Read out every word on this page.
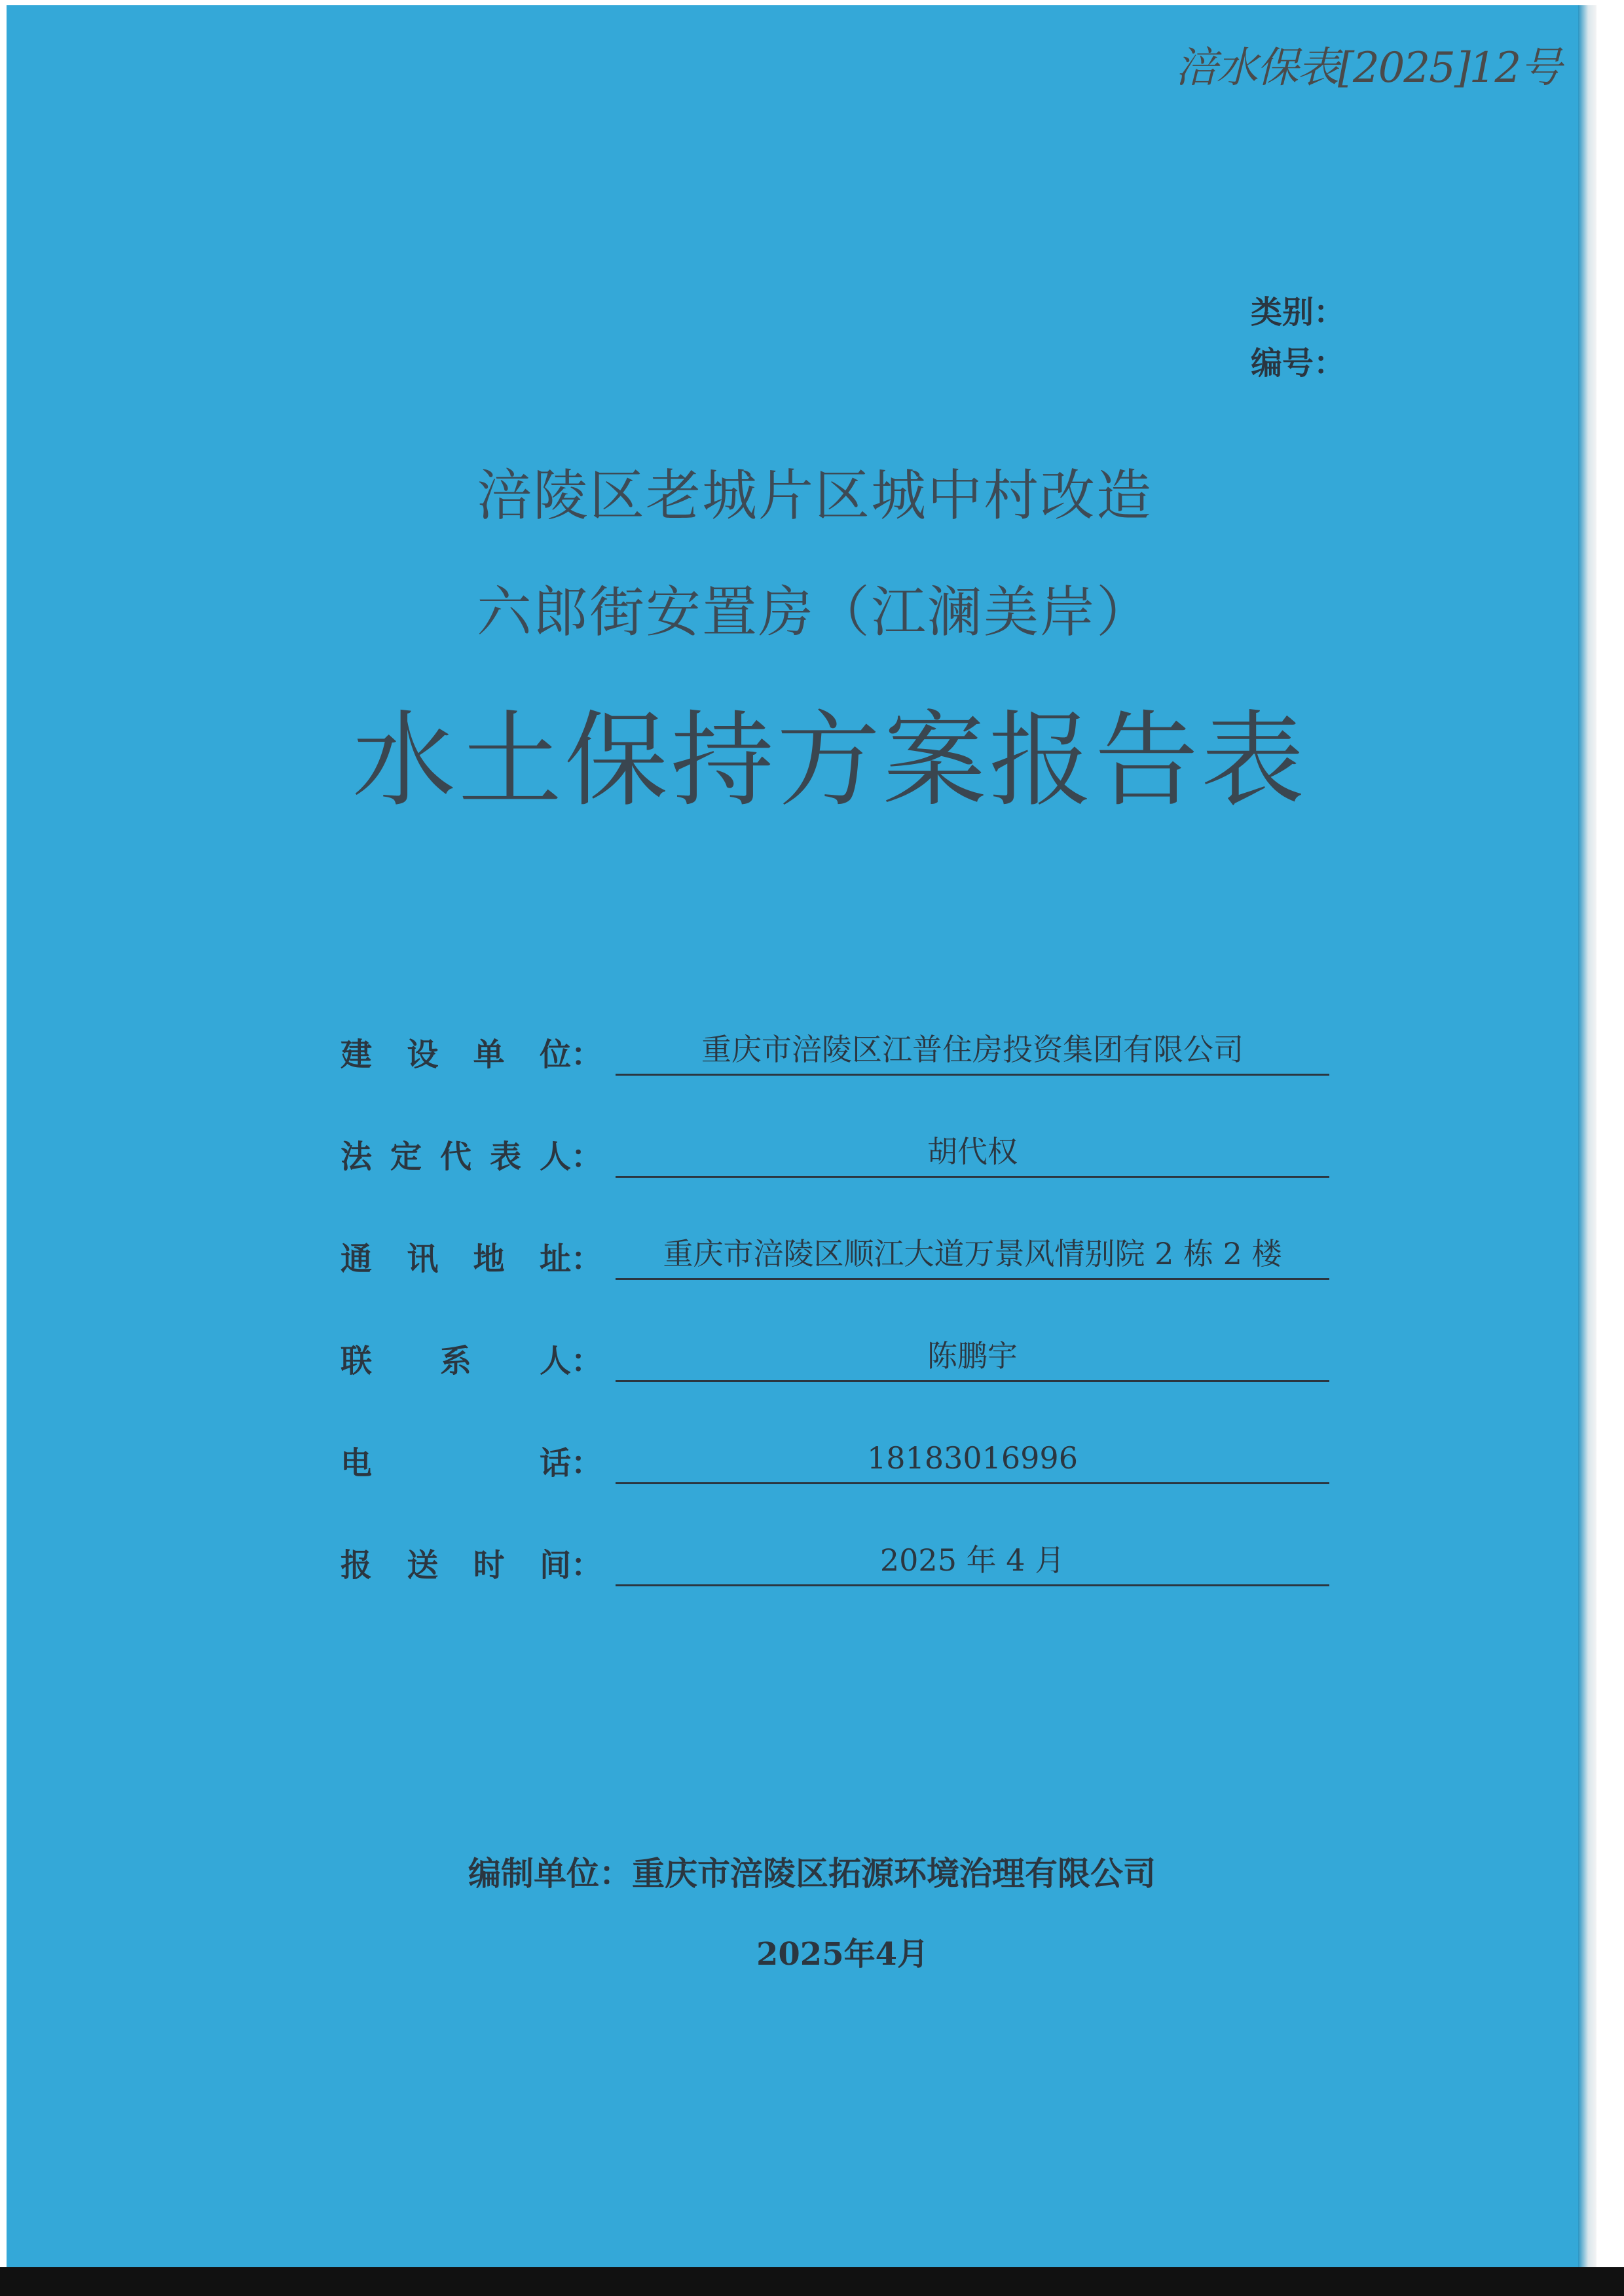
涪水保表[2025]12号
类别：
编号：
涪陵区老城片区城中村改造
六郎街安置房（江澜美岸）
水土保持方案报告表
建 设 单 位：	重庆市涪陵区江普住房投资集团有限公司
法 定 代 表 人：	胡代权
通 讯 地 址：	重庆市涪陵区顺江大道万景风情别院 2 栋 2 楼
联 系 人：	陈鹏宇
电	话：	18183016996
报 送 时 间：	2025 年 4 月
编制单位：重庆市涪陵区拓源环境治理有限公司
2025年4月
